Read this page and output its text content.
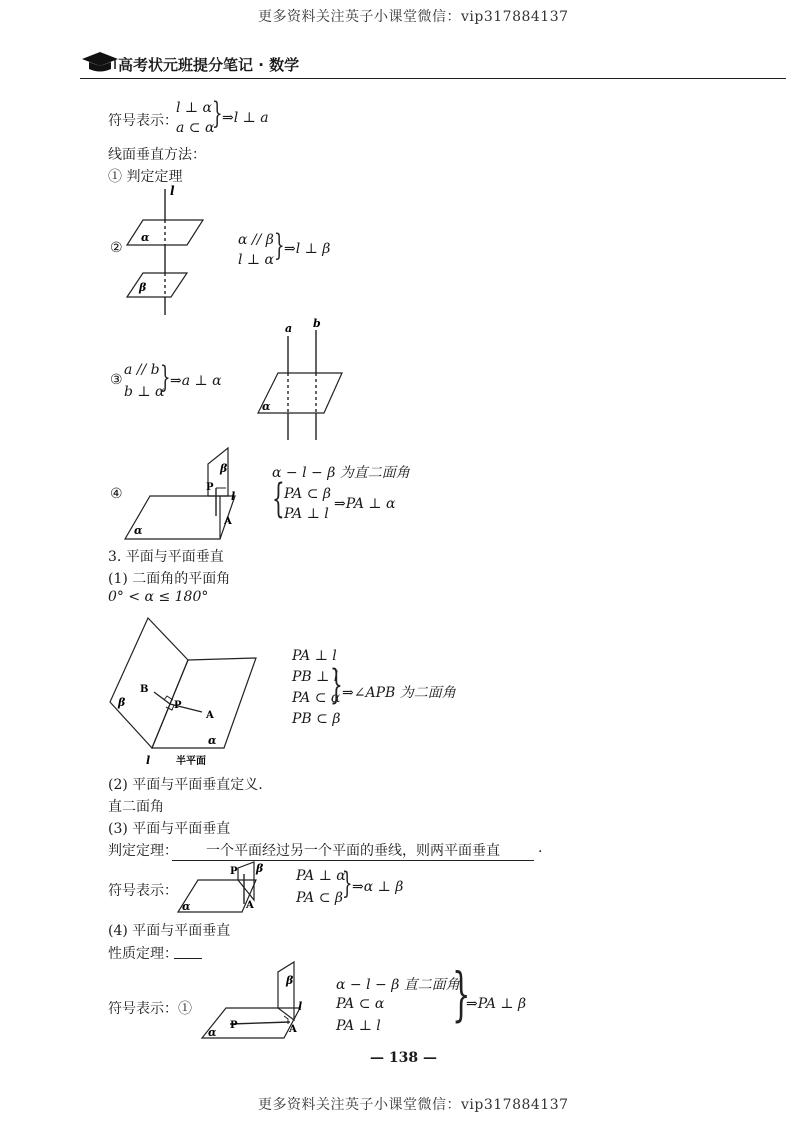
更多资料关注英子小课堂微信：vip317884137
高考状元班提分笔记 · 数学
符号表示：
l ⊥ α
a ⊂ α
} ⇒l ⊥ a
线面垂直方法：
① 判定定理
②
l
α
β
α // β
l ⊥ α } ⇒l ⊥ β
③
a // b
b ⊥ α
} ⇒a ⊥ α
a b
α
④
β
P
l
A
α
α − l − β 为直二面角
{ PA ⊂ β
PA ⊥ l
⇒PA ⊥ α
3. 平面与平面垂直
(1) 二面角的平面角
0° < α ≤ 180°
β
B
P
A
α
l	半平面
PA ⊥ l
PB ⊥ l
PA ⊂ α
PB ⊂ β
} ⇒∠APB 为二面角
(2) 平面与平面垂直定义.
直二面角
(3) 平面与平面垂直
判定定理：	一个平面经过另一个平面的垂线，则两平面垂直	.
符号表示：
P β
α	A
PA ⊥ α
PA ⊂ β } ⇒α ⊥ β
(4) 平面与平面垂直
性质定理：
符号表示：①
β
l
P	A
α
α − l − β 直二面角
PA ⊂ α
PA ⊥ l }
⇒PA ⊥ β
— 138 —
更多资料关注英子小课堂微信：vip317884137
